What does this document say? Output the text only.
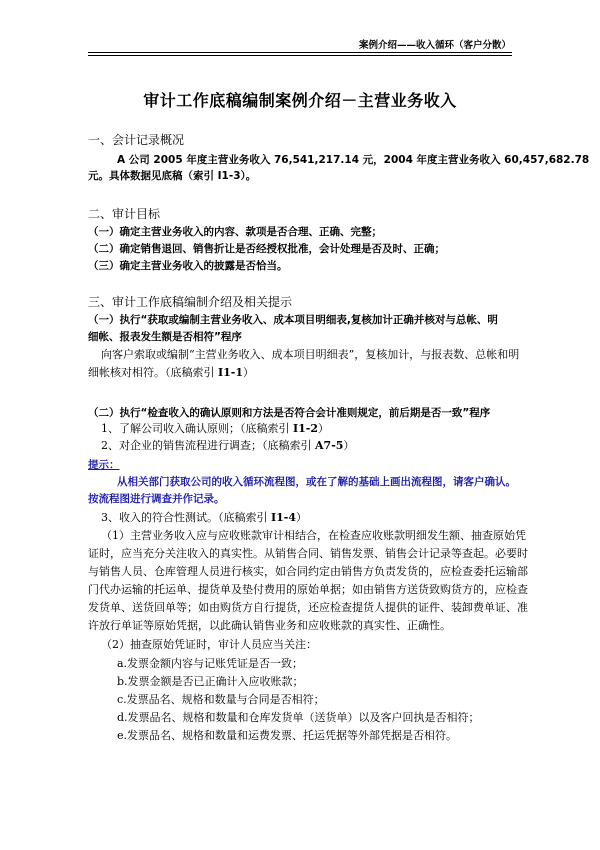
案例介绍——收入循环（客户分散）
审计工作底稿编制案例介绍－主营业务收入
一、会计记录概况
A 公司 2005 年度主营业务收入 76,541,217.14 元，2004 年度主营业务收入 60,457,682.78
元。具体数据见底稿（索引 I1-3）。
二、审计目标
（一）确定主营业务收入的内容、款项是否合理、正确、完整；
（二）确定销售退回、销售折让是否经授权批准，会计处理是否及时、正确；
（三）确定主营业务收入的披露是否恰当。
三、审计工作底稿编制介绍及相关提示
（一）执行“获取或编制主营业务收入、成本项目明细表,复核加计正确并核对与总帐、明
细帐、报表发生额是否相符”程序
向客户索取或编制“主营业务收入、成本项目明细表”，复核加计，与报表数、总帐和明
细帐核对相符。（底稿索引 I1-1）
（二）执行“检查收入的确认原则和方法是否符合会计准则规定，前后期是否一致”程序
1、了解公司收入确认原则；（底稿索引 I1-2）
2、对企业的销售流程进行调查；（底稿索引 A7-5）
提示：
从相关部门获取公司的收入循环流程图，或在了解的基础上画出流程图，请客户确认。
按流程图进行调查并作记录。
3、收入的符合性测试。（底稿索引 I1-4）
（1）主营业务收入应与应收账款审计相结合，在检查应收账款明细发生额、抽查原始凭
证时，应当充分关注收入的真实性。从销售合同、销售发票、销售会计记录等查起。必要时
与销售人员、仓库管理人员进行核实，如合同约定由销售方负责发货的，应检查委托运输部
门代办运输的托运单、提货单及垫付费用的原始单据；如由销售方送货致购货方的，应检查
发货单、送货回单等；如由购货方自行提货，还应检查提货人提供的证件、装卸费单证、准
许放行单证等原始凭据，以此确认销售业务和应收账款的真实性、正确性。
（2）抽查原始凭证时，审计人员应当关注：
a.发票金额内容与记账凭证是否一致；
b.发票金额是否已正确计入应收账款；
c.发票品名、规格和数量与合同是否相符；
d.发票品名、规格和数量和仓库发货单（送货单）以及客户回执是否相符；
e.发票品名、规格和数量和运费发票、托运凭据等外部凭据是否相符。
